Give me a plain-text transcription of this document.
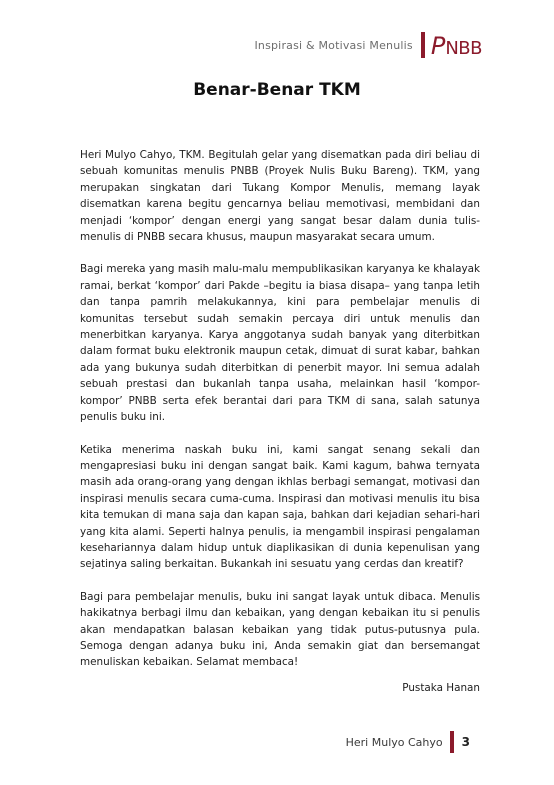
Inspirasi & Motivasi Menulis P NBB
Benar-Benar TKM

Heri Mulyo Cahyo, TKM. Begitulah gelar yang disematkan pada diri beliau di sebuah komunitas menulis PNBB (Proyek Nulis Buku Bareng). TKM, yang merupakan singkatan dari Tukang Kompor Menulis, memang layak disematkan karena begitu gencarnya beliau memotivasi, membidani dan menjadi ‘kompor’ dengan energi yang sangat besar dalam dunia tulis-menulis di PNBB secara khusus, maupun masyarakat secara umum.

Bagi mereka yang masih malu-malu mempublikasikan karyanya ke khalayak ramai, berkat ‘kompor’ dari Pakde –begitu ia biasa disapa– yang tanpa letih dan tanpa pamrih melakukannya, kini para pembelajar menulis di komunitas tersebut sudah semakin percaya diri untuk menulis dan menerbitkan karyanya. Karya anggotanya sudah banyak yang diterbitkan dalam format buku elektronik maupun cetak, dimuat di surat kabar, bahkan ada yang bukunya sudah diterbitkan di penerbit mayor. Ini semua adalah sebuah prestasi dan bukanlah tanpa usaha, melainkan hasil ‘kompor-kompor’ PNBB serta efek berantai dari para TKM di sana, salah satunya penulis buku ini.

Ketika menerima naskah buku ini, kami sangat senang sekali dan mengapresiasi buku ini dengan sangat baik. Kami kagum, bahwa ternyata masih ada orang-orang yang dengan ikhlas berbagi semangat, motivasi dan inspirasi menulis secara cuma-cuma. Inspirasi dan motivasi menulis itu bisa kita temukan di mana saja dan kapan saja, bahkan dari kejadian sehari-hari yang kita alami. Seperti halnya penulis, ia mengambil inspirasi pengalaman kesehariannya dalam hidup untuk diaplikasikan di dunia kepenulisan yang sejatinya saling berkaitan. Bukankah ini sesuatu yang cerdas dan kreatif?

Bagi para pembelajar menulis, buku ini sangat layak untuk dibaca. Menulis hakikatnya berbagi ilmu dan kebaikan, yang dengan kebaikan itu si penulis akan mendapatkan balasan kebaikan yang tidak putus-putusnya pula. Semoga dengan adanya buku ini, Anda semakin giat dan bersemangat menuliskan kebaikan. Selamat membaca!

Pustaka Hanan
Heri Mulyo Cahyo 3
